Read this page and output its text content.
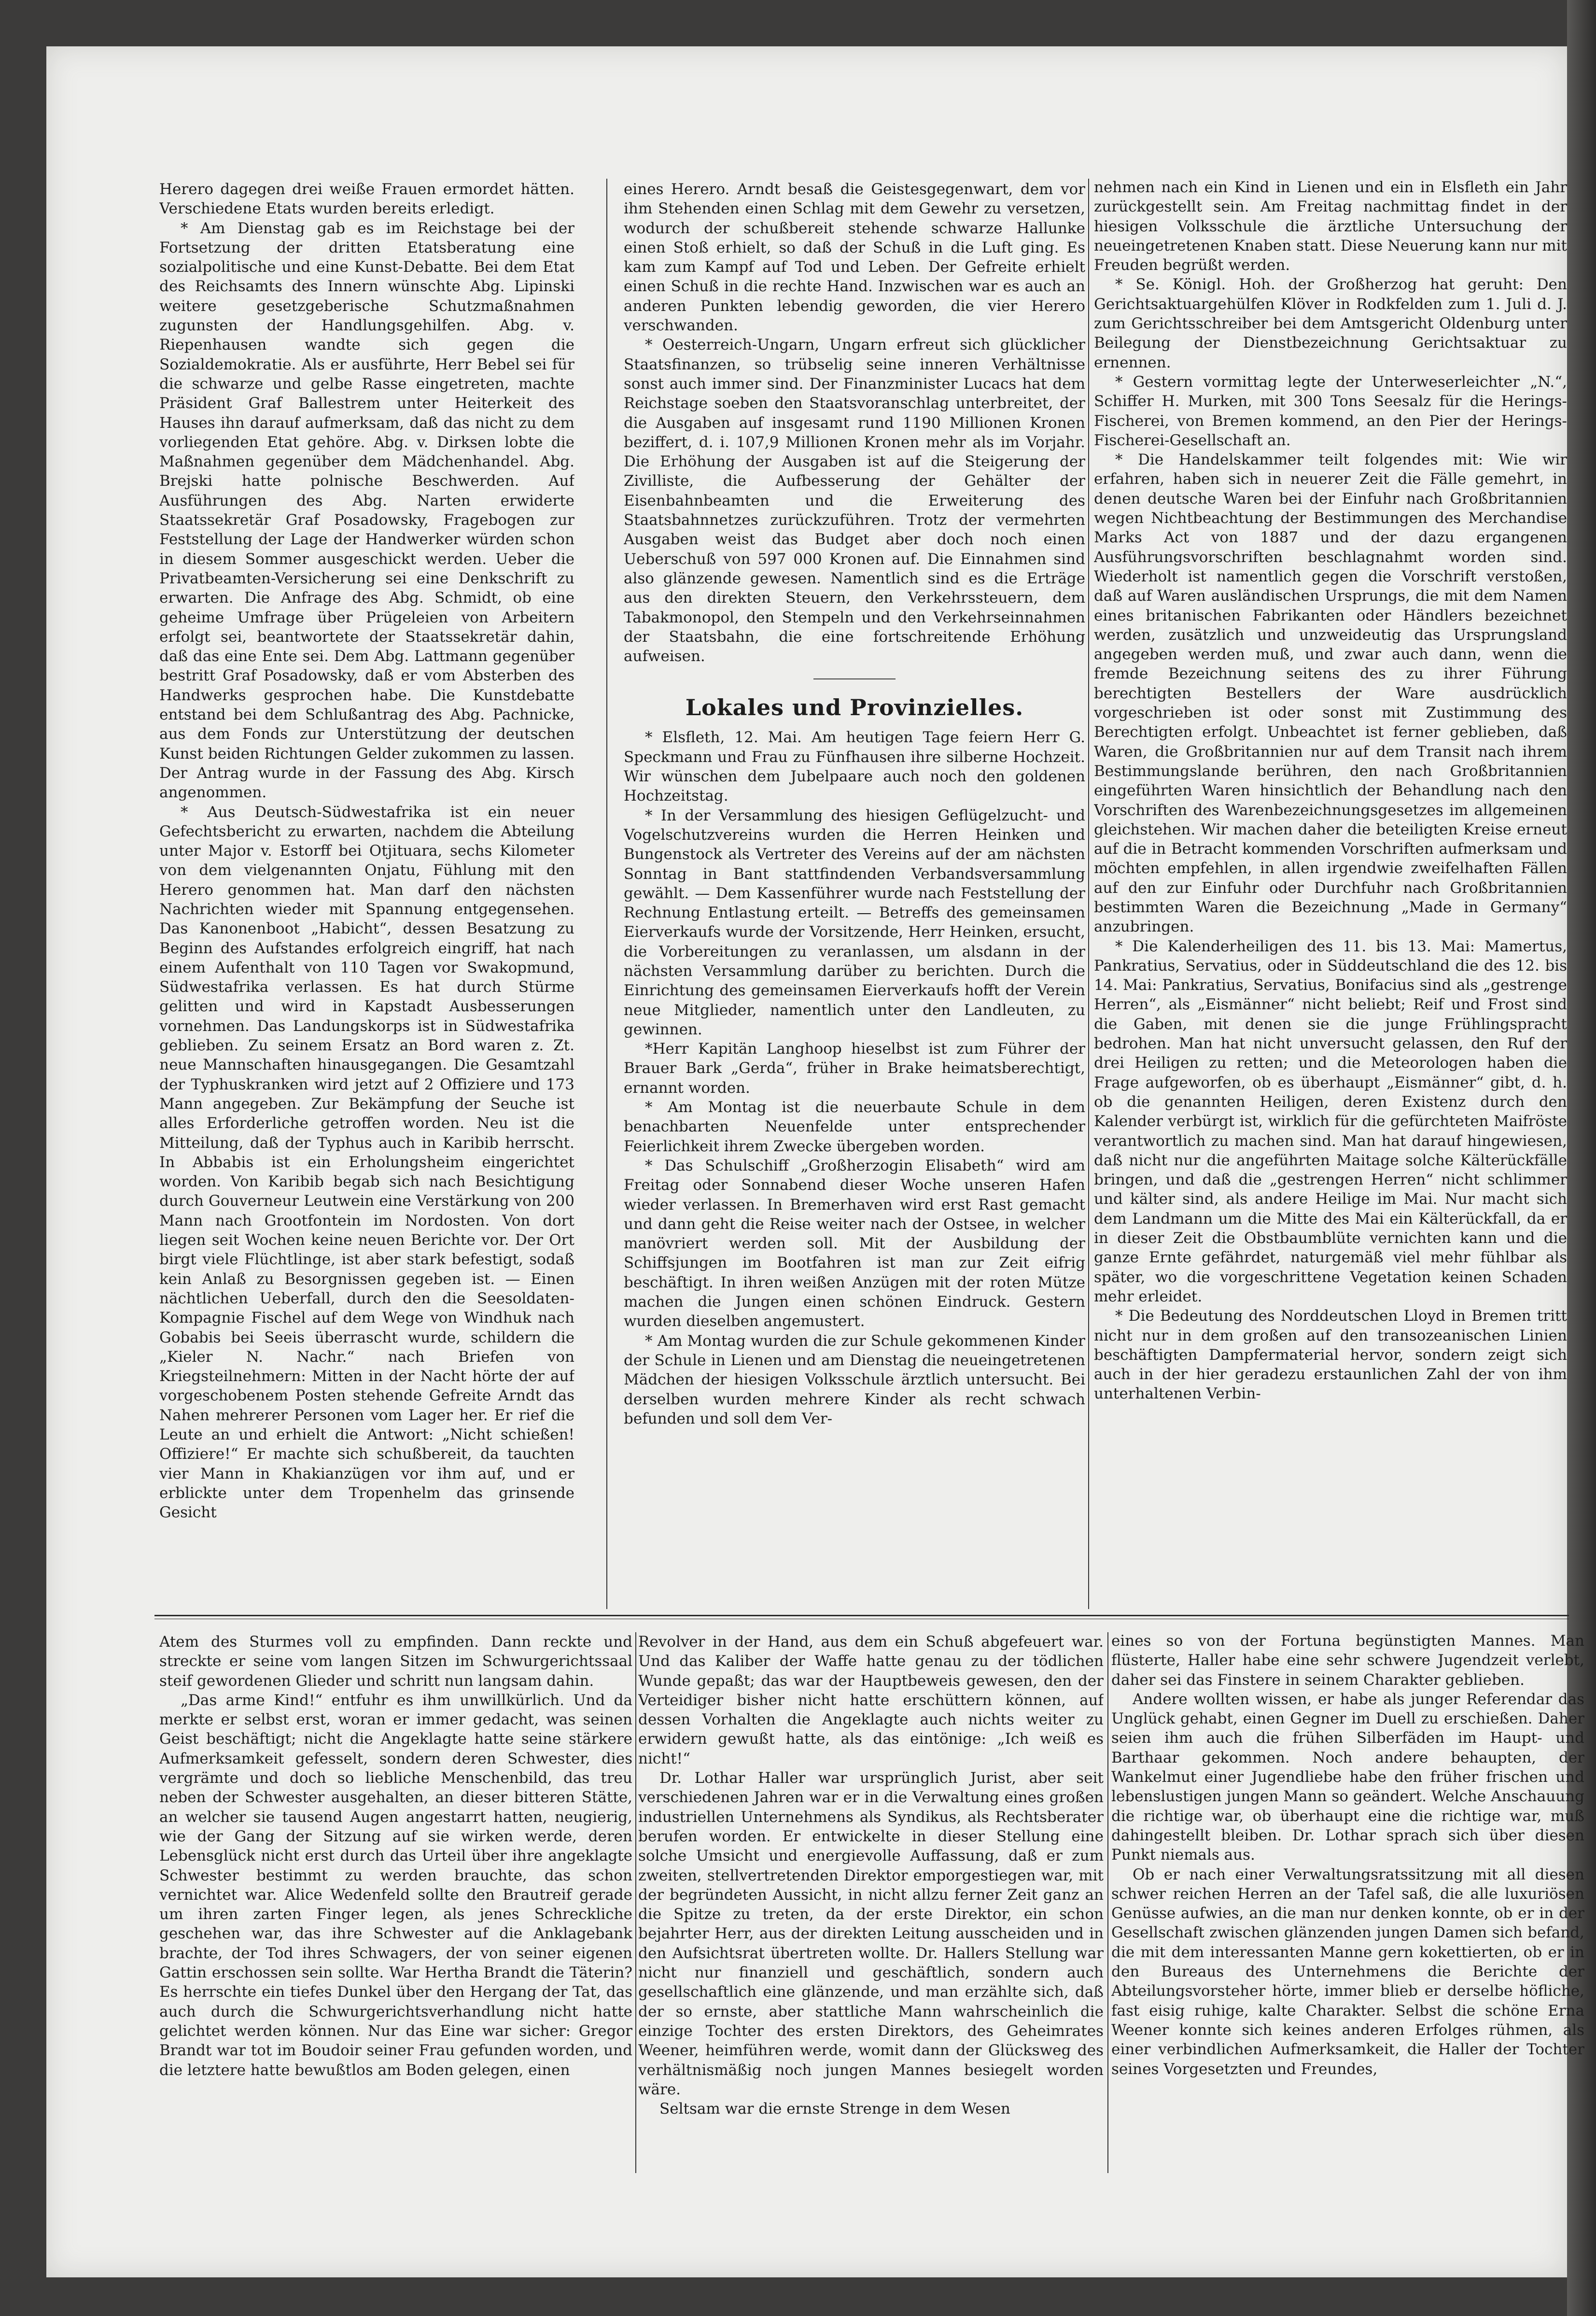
Herero dagegen drei weiße Frauen ermordet hätten. Verschiedene Etats wurden bereits erledigt.

* Am Dienstag gab es im Reichstage bei der Fortsetzung der dritten Etatsberatung eine sozialpolitische und eine Kunst-Debatte. Bei dem Etat des Reichsamts des Innern wünschte Abg. Lipinski weitere gesetzgeberische Schutzmaßnahmen zugunsten der Handlungsgehilfen. Abg. v. Riepenhausen wandte sich gegen die Sozialdemokratie. Als er ausführte, Herr Bebel sei für die schwarze und gelbe Rasse eingetreten, machte Präsident Graf Ballestrem unter Heiterkeit des Hauses ihn darauf aufmerksam, daß das nicht zu dem vorliegenden Etat gehöre. Abg. v. Dirksen lobte die Maßnahmen gegenüber dem Mädchenhandel. Abg. Brejski hatte polnische Beschwerden. Auf Ausführungen des Abg. Narten erwiderte Staatssekretär Graf Posadowsky, Fragebogen zur Feststellung der Lage der Handwerker würden schon in diesem Sommer ausgeschickt werden. Ueber die Privatbeamten-Versicherung sei eine Denkschrift zu erwarten. Die Anfrage des Abg. Schmidt, ob eine geheime Umfrage über Prügeleien von Arbeitern erfolgt sei, beantwortete der Staatssekretär dahin, daß das eine Ente sei. Dem Abg. Lattmann gegenüber bestritt Graf Posadowsky, daß er vom Absterben des Handwerks gesprochen habe. Die Kunstdebatte entstand bei dem Schlußantrag des Abg. Pachnicke, aus dem Fonds zur Unterstützung der deutschen Kunst beiden Richtungen Gelder zukommen zu lassen. Der Antrag wurde in der Fassung des Abg. Kirsch angenommen.

* Aus Deutsch-Südwestafrika ist ein neuer Gefechtsbericht zu erwarten, nachdem die Abteilung unter Major v. Estorff bei Otjituara, sechs Kilometer von dem vielgenannten Onjatu, Fühlung mit den Herero genommen hat. Man darf den nächsten Nachrichten wieder mit Spannung entgegensehen. Das Kanonenboot „Habicht“, dessen Besatzung zu Beginn des Aufstandes erfolgreich eingriff, hat nach einem Aufenthalt von 110 Tagen vor Swakopmund, Südwestafrika verlassen. Es hat durch Stürme gelitten und wird in Kapstadt Ausbesserungen vornehmen. Das Landungskorps ist in Südwestafrika geblieben. Zu seinem Ersatz an Bord waren z. Zt. neue Mannschaften hinausgegangen. Die Gesamtzahl der Typhuskranken wird jetzt auf 2 Offiziere und 173 Mann angegeben. Zur Bekämpfung der Seuche ist alles Erforderliche getroffen worden. Neu ist die Mitteilung, daß der Typhus auch in Karibib herrscht. In Abbabis ist ein Erholungsheim eingerichtet worden. Von Karibib begab sich nach Besichtigung durch Gouverneur Leutwein eine Verstärkung von 200 Mann nach Grootfontein im Nordosten. Von dort liegen seit Wochen keine neuen Berichte vor. Der Ort birgt viele Flüchtlinge, ist aber stark befestigt, sodaß kein Anlaß zu Besorgnissen gegeben ist. — Einen nächtlichen Ueberfall, durch den die Seesoldaten-Kompagnie Fischel auf dem Wege von Windhuk nach Gobabis bei Seeis überrascht wurde, schildern die „Kieler N. Nachr.“ nach Briefen von Kriegsteilnehmern: Mitten in der Nacht hörte der auf vorgeschobenem Posten stehende Gefreite Arndt das Nahen mehrerer Personen vom Lager her. Er rief die Leute an und erhielt die Antwort: „Nicht schießen! Offiziere!“ Er machte sich schußbereit, da tauchten vier Mann in Khakianzügen vor ihm auf, und er erblickte unter dem Tropenhelm das grinsende Gesicht

eines Herero. Arndt besaß die Geistesgegenwart, dem vor ihm Stehenden einen Schlag mit dem Gewehr zu versetzen, wodurch der schußbereit stehende schwarze Hallunke einen Stoß erhielt, so daß der Schuß in die Luft ging. Es kam zum Kampf auf Tod und Leben. Der Gefreite erhielt einen Schuß in die rechte Hand. Inzwischen war es auch an anderen Punkten lebendig geworden, die vier Herero verschwanden.

* Oesterreich-Ungarn, Ungarn erfreut sich glücklicher Staatsfinanzen, so trübselig seine inneren Verhältnisse sonst auch immer sind. Der Finanzminister Lucacs hat dem Reichstage soeben den Staatsvoranschlag unterbreitet, der die Ausgaben auf insgesamt rund 1190 Millionen Kronen beziffert, d. i. 107,9 Millionen Kronen mehr als im Vorjahr. Die Erhöhung der Ausgaben ist auf die Steigerung der Zivilliste, die Aufbesserung der Gehälter der Eisenbahnbeamten und die Erweiterung des Staatsbahnnetzes zurückzuführen. Trotz der vermehrten Ausgaben weist das Budget aber doch noch einen Ueberschuß von 597 000 Kronen auf. Die Einnahmen sind also glänzende gewesen. Namentlich sind es die Erträge aus den direkten Steuern, den Verkehrssteuern, dem Tabakmonopol, den Stempeln und den Verkehrseinnahmen der Staatsbahn, die eine fortschreitende Erhöhung aufweisen.

Lokales und Provinzielles.

* Elsfleth, 12. Mai. Am heutigen Tage feiern Herr G. Speckmann und Frau zu Fünfhausen ihre silberne Hochzeit. Wir wünschen dem Jubelpaare auch noch den goldenen Hochzeitstag.

* In der Versammlung des hiesigen Geflügelzucht- und Vogelschutzvereins wurden die Herren Heinken und Bungenstock als Vertreter des Vereins auf der am nächsten Sonntag in Bant stattfindenden Verbandsversammlung gewählt. — Dem Kassenführer wurde nach Feststellung der Rechnung Entlastung erteilt. — Betreffs des gemeinsamen Eierverkaufs wurde der Vorsitzende, Herr Heinken, ersucht, die Vorbereitungen zu veranlassen, um alsdann in der nächsten Versammlung darüber zu berichten. Durch die Einrichtung des gemeinsamen Eierverkaufs hofft der Verein neue Mitglieder, namentlich unter den Landleuten, zu gewinnen.

*Herr Kapitän Langhoop hieselbst ist zum Führer der Brauer Bark „Gerda“, früher in Brake heimatsberechtigt, ernannt worden.

* Am Montag ist die neuerbaute Schule in dem benachbarten Neuenfelde unter entsprechender Feierlichkeit ihrem Zwecke übergeben worden.

* Das Schulschiff „Großherzogin Elisabeth“ wird am Freitag oder Sonnabend dieser Woche unseren Hafen wieder verlassen. In Bremerhaven wird erst Rast gemacht und dann geht die Reise weiter nach der Ostsee, in welcher manövriert werden soll. Mit der Ausbildung der Schiffsjungen im Bootfahren ist man zur Zeit eifrig beschäftigt. In ihren weißen Anzügen mit der roten Mütze machen die Jungen einen schönen Eindruck. Gestern wurden dieselben angemustert.

* Am Montag wurden die zur Schule gekommenen Kinder der Schule in Lienen und am Dienstag die neueingetretenen Mädchen der hiesigen Volksschule ärztlich untersucht. Bei derselben wurden mehrere Kinder als recht schwach befunden und soll dem Ver-

nehmen nach ein Kind in Lienen und ein in Elsfleth ein Jahr zurückgestellt sein. Am Freitag nachmittag findet in der hiesigen Volksschule die ärztliche Untersuchung der neueingetretenen Knaben statt. Diese Neuerung kann nur mit Freuden begrüßt werden.

* Se. Königl. Hoh. der Großherzog hat geruht: Den Gerichtsaktuargehülfen Klöver in Rodkfelden zum 1. Juli d. J. zum Gerichtsschreiber bei dem Amtsgericht Oldenburg unter Beilegung der Dienstbezeichnung Gerichtsaktuar zu ernennen.

* Gestern vormittag legte der Unterweserleichter „N.“, Schiffer H. Murken, mit 300 Tons Seesalz für die Herings-Fischerei, von Bremen kommend, an den Pier der Herings-Fischerei-Gesellschaft an.

* Die Handelskammer teilt folgendes mit: Wie wir erfahren, haben sich in neuerer Zeit die Fälle gemehrt, in denen deutsche Waren bei der Einfuhr nach Großbritannien wegen Nichtbeachtung der Bestimmungen des Merchandise Marks Act von 1887 und der dazu ergangenen Ausführungsvorschriften beschlagnahmt worden sind. Wiederholt ist namentlich gegen die Vorschrift verstoßen, daß auf Waren ausländischen Ursprungs, die mit dem Namen eines britanischen Fabrikanten oder Händlers bezeichnet werden, zusätzlich und unzweideutig das Ursprungsland angegeben werden muß, und zwar auch dann, wenn die fremde Bezeichnung seitens des zu ihrer Führung berechtigten Bestellers der Ware ausdrücklich vorgeschrieben ist oder sonst mit Zustimmung des Berechtigten erfolgt. Unbeachtet ist ferner geblieben, daß Waren, die Großbritannien nur auf dem Transit nach ihrem Bestimmungslande berühren, den nach Großbritannien eingeführten Waren hinsichtlich der Behandlung nach den Vorschriften des Warenbezeichnungsgesetzes im allgemeinen gleichstehen. Wir machen daher die beteiligten Kreise erneut auf die in Betracht kommenden Vorschriften aufmerksam und möchten empfehlen, in allen irgendwie zweifelhaften Fällen auf den zur Einfuhr oder Durchfuhr nach Großbritannien bestimmten Waren die Bezeichnung „Made in Germany“ anzubringen.

* Die Kalenderheiligen des 11. bis 13. Mai: Mamertus, Pankratius, Servatius, oder in Süddeutschland die des 12. bis 14. Mai: Pankratius, Servatius, Bonifacius sind als „gestrenge Herren“, als „Eismänner“ nicht beliebt; Reif und Frost sind die Gaben, mit denen sie die junge Frühlingspracht bedrohen. Man hat nicht unversucht gelassen, den Ruf der drei Heiligen zu retten; und die Meteorologen haben die Frage aufgeworfen, ob es überhaupt „Eismänner“ gibt, d. h. ob die genannten Heiligen, deren Existenz durch den Kalender verbürgt ist, wirklich für die gefürchteten Maifröste verantwortlich zu machen sind. Man hat darauf hingewiesen, daß nicht nur die angeführten Maitage solche Kälterückfälle bringen, und daß die „gestrengen Herren“ nicht schlimmer und kälter sind, als andere Heilige im Mai. Nur macht sich dem Landmann um die Mitte des Mai ein Kälterückfall, da er in dieser Zeit die Obstbaumblüte vernichten kann und die ganze Ernte gefährdet, naturgemäß viel mehr fühlbar als später, wo die vorgeschrittene Vegetation keinen Schaden mehr erleidet.

* Die Bedeutung des Norddeutschen Lloyd in Bremen tritt nicht nur in dem großen auf den transozeanischen Linien beschäftigten Dampfermaterial hervor, sondern zeigt sich auch in der hier geradezu erstaunlichen Zahl der von ihm unterhaltenen Verbin-

Atem des Sturmes voll zu empfinden. Dann reckte und streckte er seine vom langen Sitzen im Schwurgerichtssaal steif gewordenen Glieder und schritt nun langsam dahin.

„Das arme Kind!“ entfuhr es ihm unwillkürlich. Und da merkte er selbst erst, woran er immer gedacht, was seinen Geist beschäftigt; nicht die Angeklagte hatte seine stärkere Aufmerksamkeit gefesselt, sondern deren Schwester, dies vergrämte und doch so liebliche Menschenbild, das treu neben der Schwester ausgehalten, an dieser bitteren Stätte, an welcher sie tausend Augen angestarrt hatten, neugierig, wie der Gang der Sitzung auf sie wirken werde, deren Lebensglück nicht erst durch das Urteil über ihre angeklagte Schwester bestimmt zu werden brauchte, das schon vernichtet war. Alice Wedenfeld sollte den Brautreif gerade um ihren zarten Finger legen, als jenes Schreckliche geschehen war, das ihre Schwester auf die Anklagebank brachte, der Tod ihres Schwagers, der von seiner eigenen Gattin erschossen sein sollte. War Hertha Brandt die Täterin? Es herrschte ein tiefes Dunkel über den Hergang der Tat, das auch durch die Schwurgerichtsverhandlung nicht hatte gelichtet werden können. Nur das Eine war sicher: Gregor Brandt war tot im Boudoir seiner Frau gefunden worden, und die letztere hatte bewußtlos am Boden gelegen, einen

Revolver in der Hand, aus dem ein Schuß abgefeuert war. Und das Kaliber der Waffe hatte genau zu der tödlichen Wunde gepaßt; das war der Hauptbeweis gewesen, den der Verteidiger bisher nicht hatte erschüttern können, auf dessen Vorhalten die Angeklagte auch nichts weiter zu erwidern gewußt hatte, als das eintönige: „Ich weiß es nicht!“

Dr. Lothar Haller war ursprünglich Jurist, aber seit verschiedenen Jahren war er in die Verwaltung eines großen industriellen Unternehmens als Syndikus, als Rechtsberater berufen worden. Er entwickelte in dieser Stellung eine solche Umsicht und energievolle Auffassung, daß er zum zweiten, stellvertretenden Direktor emporgestiegen war, mit der begründeten Aussicht, in nicht allzu ferner Zeit ganz an die Spitze zu treten, da der erste Direktor, ein schon bejahrter Herr, aus der direkten Leitung ausscheiden und in den Aufsichtsrat übertreten wollte. Dr. Hallers Stellung war nicht nur finanziell und geschäftlich, sondern auch gesellschaftlich eine glänzende, und man erzählte sich, daß der so ernste, aber stattliche Mann wahrscheinlich die einzige Tochter des ersten Direktors, des Geheimrates Weener, heimführen werde, womit dann der Glücksweg des verhältnismäßig noch jungen Mannes besiegelt worden wäre.

Seltsam war die ernste Strenge in dem Wesen

eines so von der Fortuna begünstigten Mannes. Man flüsterte, Haller habe eine sehr schwere Jugendzeit verlebt, daher sei das Finstere in seinem Charakter geblieben.

Andere wollten wissen, er habe als junger Referendar das Unglück gehabt, einen Gegner im Duell zu erschießen. Daher seien ihm auch die frühen Silberfäden im Haupt- und Barthaar gekommen. Noch andere behaupten, der Wankelmut einer Jugendliebe habe den früher frischen und lebenslustigen jungen Mann so geändert. Welche Anschauung die richtige war, ob überhaupt eine die richtige war, muß dahingestellt bleiben. Dr. Lothar sprach sich über diesen Punkt niemals aus.

Ob er nach einer Verwaltungsratssitzung mit all diesen schwer reichen Herren an der Tafel saß, die alle luxuriösen Genüsse aufwies, an die man nur denken konnte, ob er in der Gesellschaft zwischen glänzenden jungen Damen sich befand, die mit dem interessanten Manne gern kokettierten, ob er in den Bureaus des Unternehmens die Berichte der Abteilungsvorsteher hörte, immer blieb er derselbe höfliche, fast eisig ruhige, kalte Charakter. Selbst die schöne Erna Weener konnte sich keines anderen Erfolges rühmen, als einer verbindlichen Aufmerksamkeit, die Haller der Tochter seines Vorgesetzten und Freundes,
